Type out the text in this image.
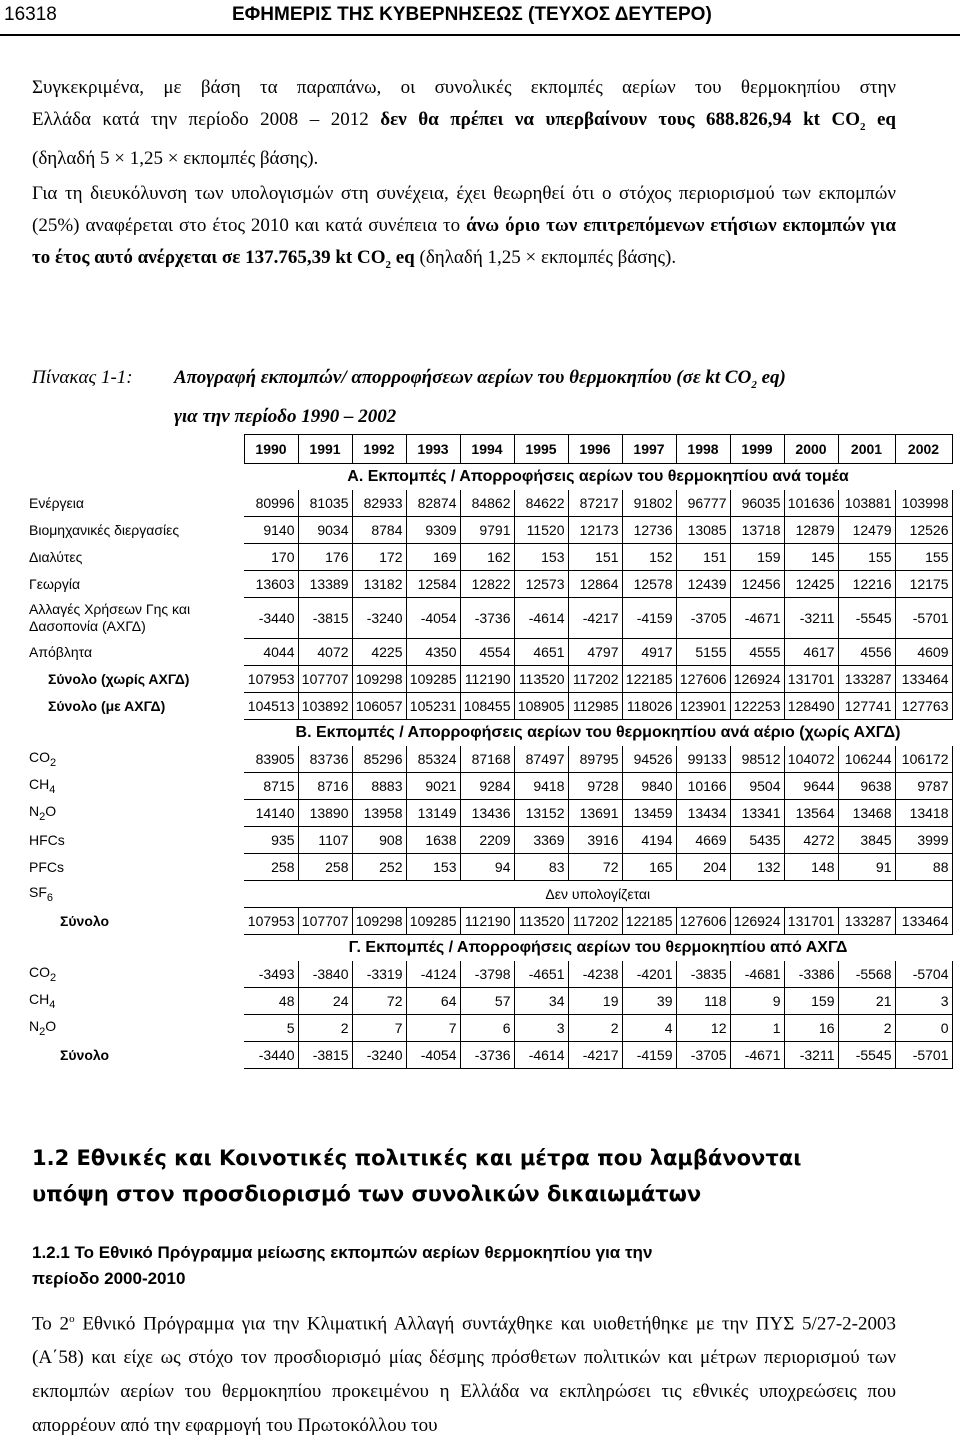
16318	ΕΦΗΜΕΡΙΣ ΤΗΣ ΚΥΒΕΡΝΗΣΕΩΣ (ΤΕΥΧΟΣ ΔΕΥΤΕΡΟ)
Συγκεκριμένα, με βάση τα παραπάνω, οι συνολικές εκπομπές αερίων του θερμοκηπίου στην
Ελλάδα κατά την περίοδο 2008 – 2012 δεν θα πρέπει να υπερβαίνουν τους 688.826,94 kt $CO_2$ eq
(δηλαδή 5 × 1,25 × εκπομπές βάσης).
Για τη διευκόλυνση των υπολογισμών στη συνέχεια, έχει θεωρηθεί ότι ο στόχος περιορισμού των εκπομπών (25%) αναφέρεται στο έτος 2010 και κατά συνέπεια το άνω όριο των επιτρεπόμενων ετήσιων εκπομπών για το έτος αυτό ανέρχεται σε 137.765,39 kt $CO_2$ eq (δηλαδή 1,25 × εκπομπές βάσης).
Πίνακας 1-1: Απογραφή εκπομπών/ απορροφήσεων αερίων του θερμοκηπίου (σε kt $CO_2$ eq)
για την περίοδο 1990 – 2002
	1990	1991	1992	1993	1994	1995	1996	1997	1998	1999	2000	2001	2002
	Α. Εκπομπές / Απορροφήσεις αερίων του θερμοκηπίου ανά τομέα												
Ενέργεια	80996	81035	82933	82874	84862	84622	87217	91802	96777	96035	101636	103881	103998
Βιομηχανικές διεργασίες	9140	9034	8784	9309	9791	11520	12173	12736	13085	13718	12879	12479	12526
Διαλύτες	170	176	172	169	162	153	151	152	151	159	145	155	155
Γεωργία	13603	13389	13182	12584	12822	12573	12864	12578	12439	12456	12425	12216	12175
Αλλαγές Χρήσεων Γης και
Δασοπονία (ΑΧΓΔ)	-3440	-3815	-3240	-4054	-3736	-4614	-4217	-4159	-3705	-4671	-3211	-5545	-5701
Απόβλητα	4044	4072	4225	4350	4554	4651	4797	4917	5155	4555	4617	4556	4609
Σύνολο (χωρίς ΑΧΓΔ)	107953	107707	109298	109285	112190	113520	117202	122185	127606	126924	131701	133287	133464
Σύνολο (με ΑΧΓΔ)	104513	103892	106057	105231	108455	108905	112985	118026	123901	122253	128490	127741	127763
	Β. Εκπομπές / Απορροφήσεις αερίων του θερμοκηπίου ανά αέριο (χωρίς ΑΧΓΔ)												
$CO_2$	83905	83736	85296	85324	87168	87497	89795	94526	99133	98512	104072	106244	106172
$CH_4$	8715	8716	8883	9021	9284	9418	9728	9840	10166	9504	9644	9638	9787
$N_2O$	14140	13890	13958	13149	13436	13152	13691	13459	13434	13341	13564	13468	13418
HFCs	935	1107	908	1638	2209	3369	3916	4194	4669	5435	4272	3845	3999
PFCs	258	258	252	153	94	83	72	165	204	132	148	91	88
$SF_6$	Δεν υπολογίζεται												
Σύνολο	107953	107707	109298	109285	112190	113520	117202	122185	127606	126924	131701	133287	133464
	Γ. Εκπομπές / Απορροφήσεις αερίων του θερμοκηπίου από ΑΧΓΔ												
$CO_2$	-3493	-3840	-3319	-4124	-3798	-4651	-4238	-4201	-3835	-4681	-3386	-5568	-5704
$CH_4$	48	24	72	64	57	34	19	39	118	9	159	21	3
$N_2O$	5	2	7	7	6	3	2	4	12	1	16	2	0
Σύνολο	-3440	-3815	-3240	-4054	-3736	-4614	-4217	-4159	-3705	-4671	-3211	-5545	-5701
1.2 Εθνικές και Κοινοτικές πολιτικές και μέτρα που λαμβάνονται
υπόψη στον προσδιορισμό των συνολικών δικαιωμάτων
1.2.1 Το Εθνικό Πρόγραμμα μείωσης εκπομπών αερίων θερμοκηπίου για την
περίοδο 2000-2010
Το $2^o$ Εθνικό Πρόγραμμα για την Κλιματική Αλλαγή συντάχθηκε και υιοθετήθηκε με την ΠΥΣ 5/27-2-2003 (Α΄58) και είχε ως στόχο τον προσδιορισμό μίας δέσμης πρόσθετων πολιτικών και μέτρων περιορισμού των εκπομπών αερίων του θερμοκηπίου προκειμένου η Ελλάδα να εκπληρώσει τις εθνικές υποχρεώσεις που απορρέουν από την εφαρμογή του Πρωτοκόλλου του
